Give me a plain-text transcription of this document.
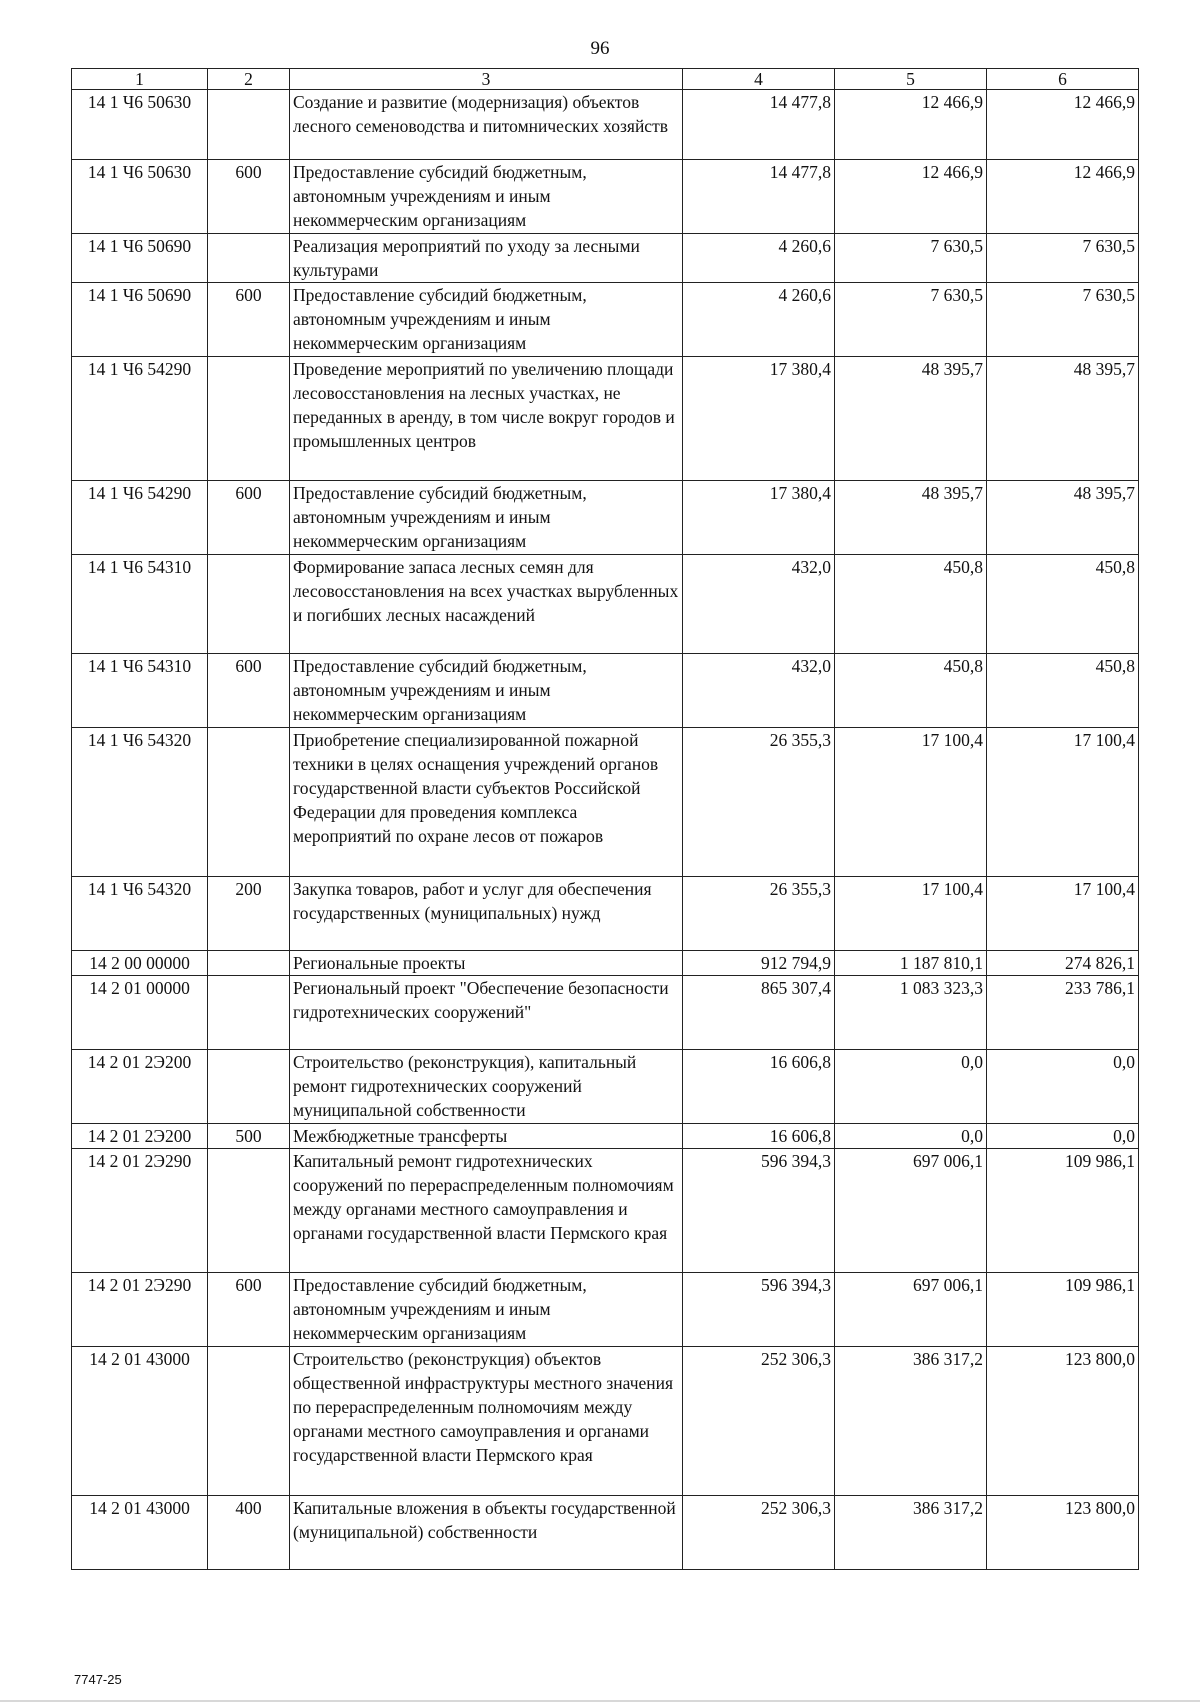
96
1	2	3	4	5	6
14 1 Ч6 50630		Создание и развитие (модернизация) объектов лесного семеноводства и питомнических хозяйств	14 477,8	12 466,9	12 466,9
14 1 Ч6 50630	600	Предоставление субсидий бюджетным, автономным учреждениям и иным некоммерческим организациям	14 477,8	12 466,9	12 466,9
14 1 Ч6 50690		Реализация мероприятий по уходу за лесными культурами	4 260,6	7 630,5	7 630,5
14 1 Ч6 50690	600	Предоставление субсидий бюджетным, автономным учреждениям и иным некоммерческим организациям	4 260,6	7 630,5	7 630,5
14 1 Ч6 54290		Проведение мероприятий по увеличению площади лесовосстановления на лесных участках, не переданных в аренду, в том числе вокруг городов и промышленных центров	17 380,4	48 395,7	48 395,7
14 1 Ч6 54290	600	Предоставление субсидий бюджетным, автономным учреждениям и иным некоммерческим организациям	17 380,4	48 395,7	48 395,7
14 1 Ч6 54310		Формирование запаса лесных семян для лесовосстановления на всех участках вырубленных и погибших лесных насаждений	432,0	450,8	450,8
14 1 Ч6 54310	600	Предоставление субсидий бюджетным, автономным учреждениям и иным некоммерческим организациям	432,0	450,8	450,8
14 1 Ч6 54320		Приобретение специализированной пожарной техники в целях оснащения учреждений органов государственной власти субъектов Российской Федерации для проведения комплекса мероприятий по охране лесов от пожаров	26 355,3	17 100,4	17 100,4
14 1 Ч6 54320	200	Закупка товаров, работ и услуг для обеспечения государственных (муниципальных) нужд	26 355,3	17 100,4	17 100,4
14 2 00 00000		Региональные проекты	912 794,9	1 187 810,1	274 826,1
14 2 01 00000		Региональный проект "Обеспечение безопасности гидротехнических сооружений"	865 307,4	1 083 323,3	233 786,1
14 2 01 2Э200		Строительство (реконструкция), капитальный ремонт гидротехнических сооружений муниципальной собственности	16 606,8	0,0	0,0
14 2 01 2Э200	500	Межбюджетные трансферты	16 606,8	0,0	0,0
14 2 01 2Э290		Капитальный ремонт гидротехнических сооружений по перераспределенным полномочиям между органами местного самоуправления и органами государственной власти Пермского края	596 394,3	697 006,1	109 986,1
14 2 01 2Э290	600	Предоставление субсидий бюджетным, автономным учреждениям и иным некоммерческим организациям	596 394,3	697 006,1	109 986,1
14 2 01 43000		Строительство (реконструкция) объектов общественной инфраструктуры местного значения по перераспределенным полномочиям между органами местного самоуправления и органами государственной власти Пермского края	252 306,3	386 317,2	123 800,0
14 2 01 43000	400	Капитальные вложения в объекты государственной (муниципальной) собственности	252 306,3	386 317,2	123 800,0
7747-25
